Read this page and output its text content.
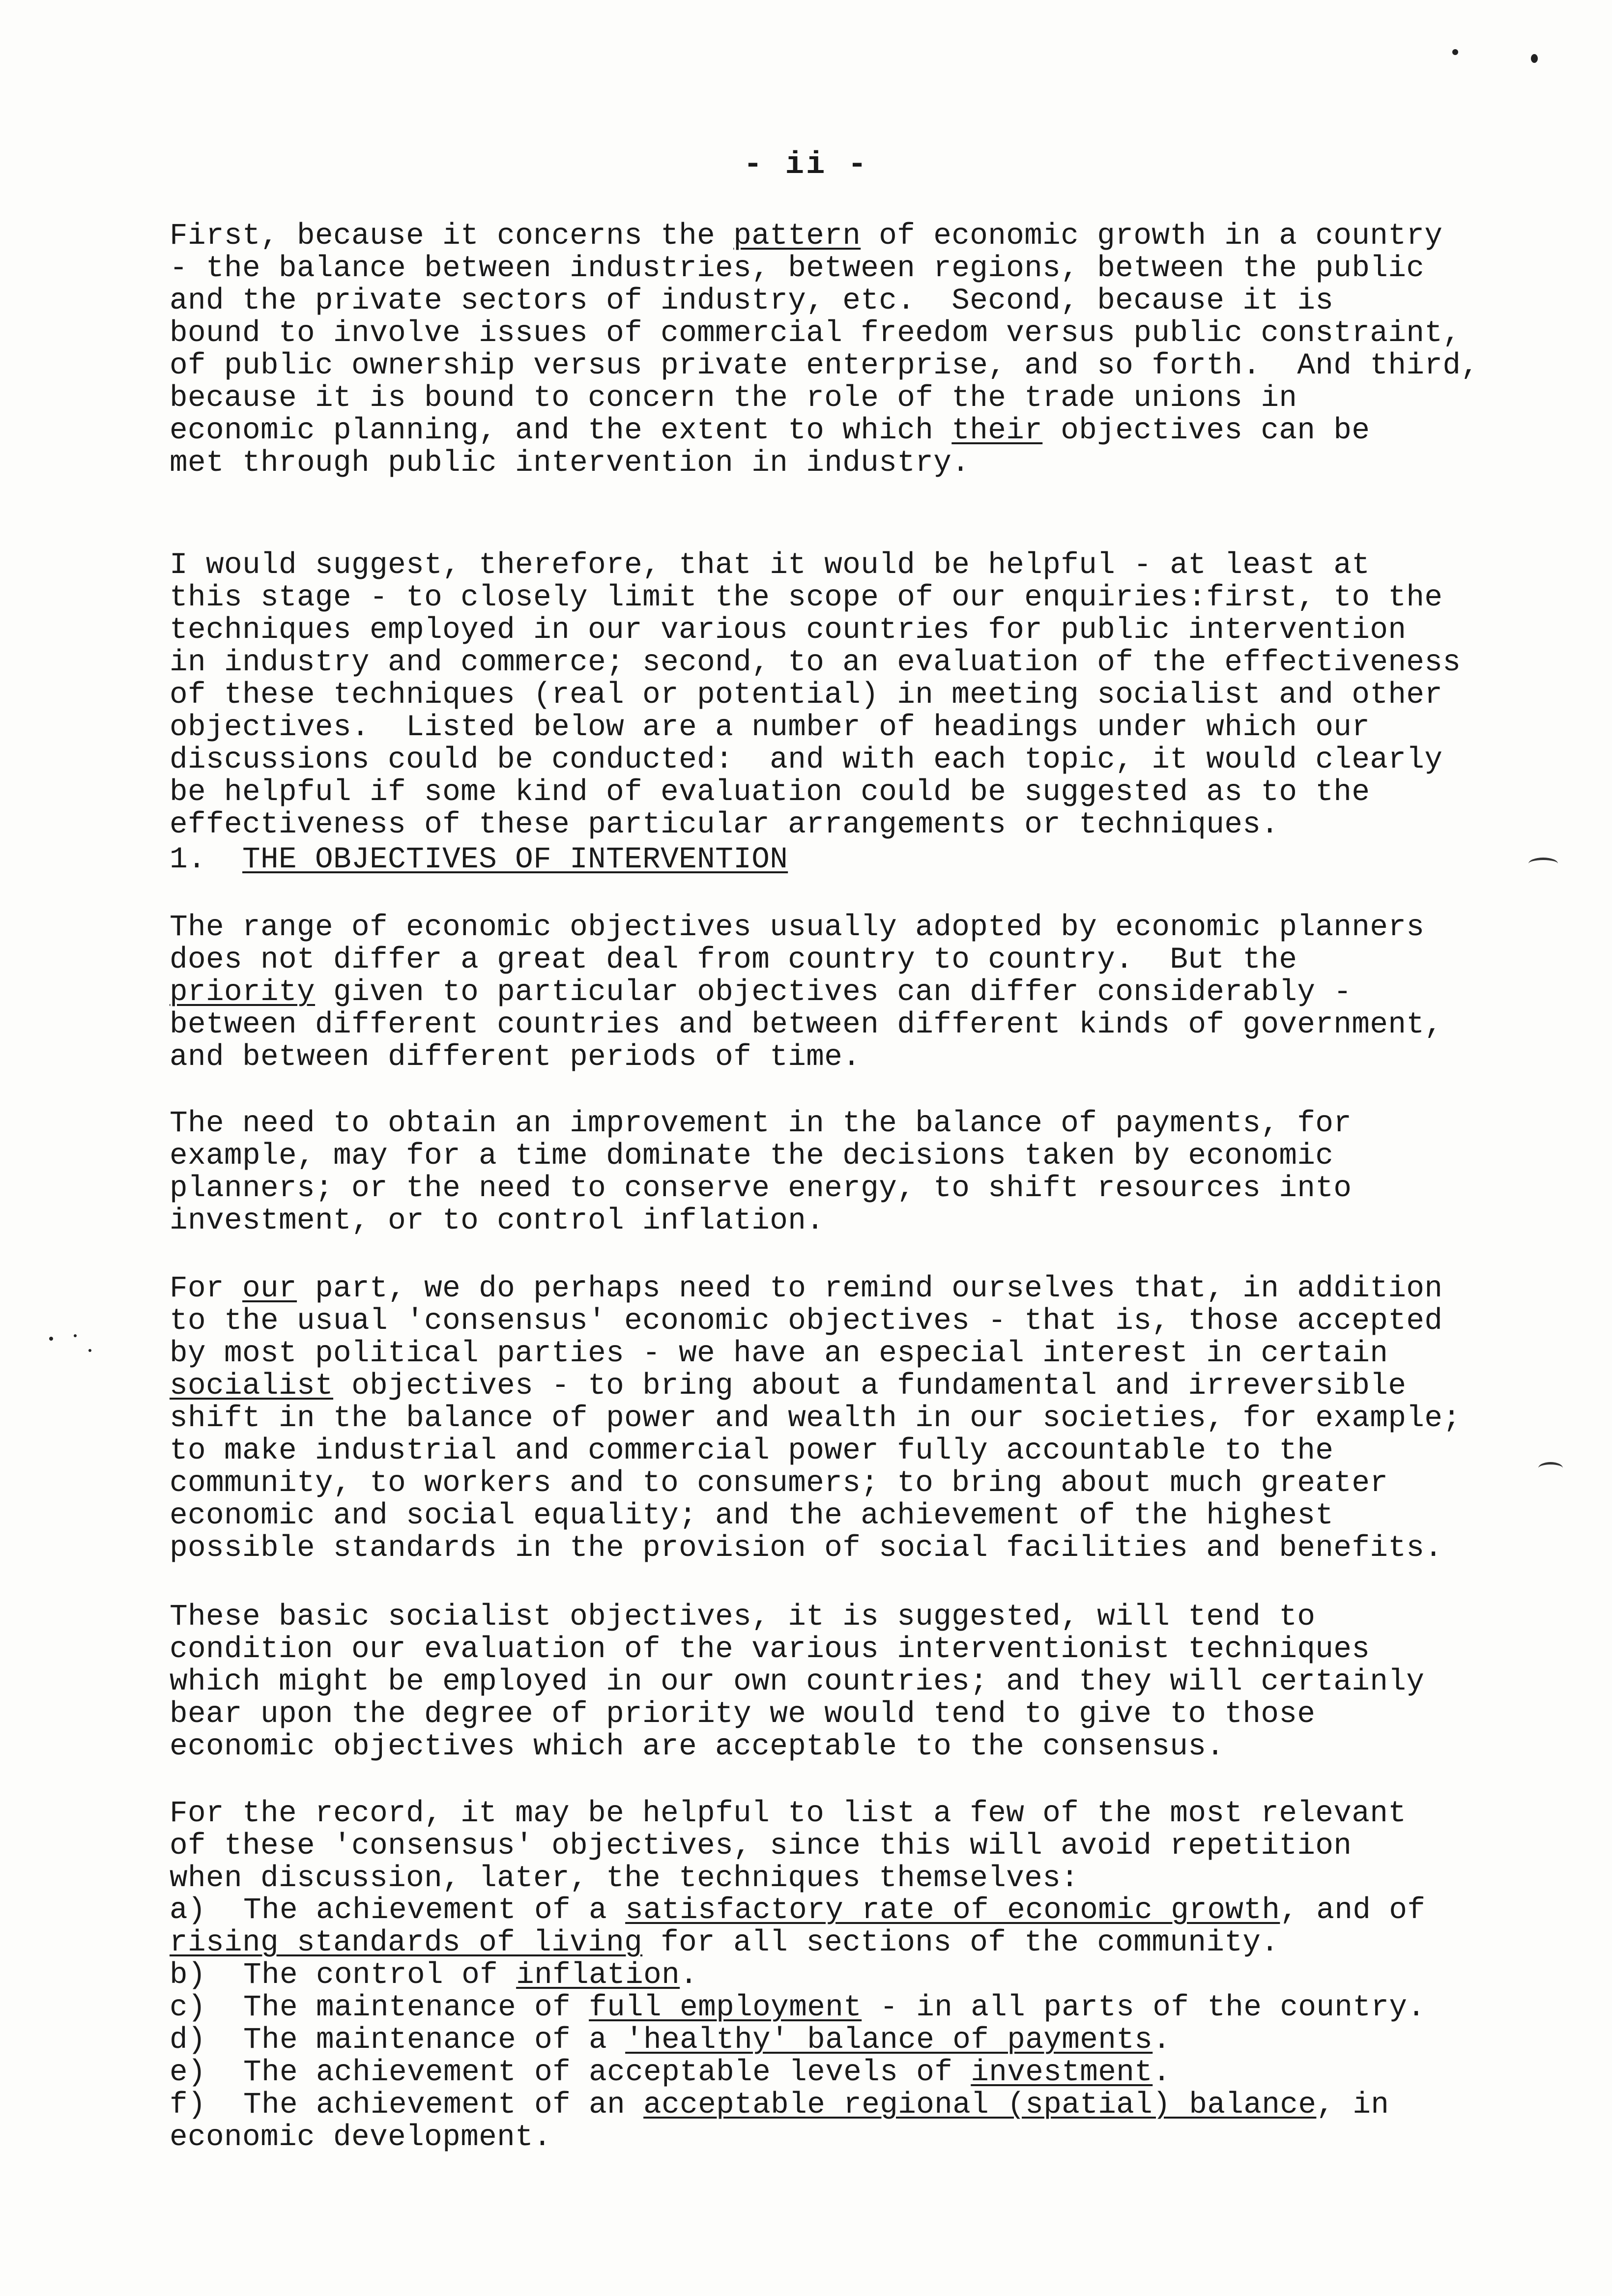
- ii -
First, because it concerns the pattern of economic growth in a country
- the balance between industries, between regions, between the public
and the private sectors of industry, etc.  Second, because it is
bound to involve issues of commercial freedom versus public constraint,
of public ownership versus private enterprise, and so forth.  And third,
because it is bound to concern the role of the trade unions in
economic planning, and the extent to which their objectives can be
met through public intervention in industry.
I would suggest, therefore, that it would be helpful - at least at
this stage - to closely limit the scope of our enquiries:first, to the
techniques employed in our various countries for public intervention
in industry and commerce; second, to an evaluation of the effectiveness
of these techniques (real or potential) in meeting socialist and other
objectives.  Listed below are a number of headings under which our
discussions could be conducted:  and with each topic, it would clearly
be helpful if some kind of evaluation could be suggested as to the
effectiveness of these particular arrangements or techniques.
1. THE OBJECTIVES OF INTERVENTION
The range of economic objectives usually adopted by economic planners
does not differ a great deal from country to country.  But the
priority given to particular objectives can differ considerably -
between different countries and between different kinds of government,
and between different periods of time.
The need to obtain an improvement in the balance of payments, for
example, may for a time dominate the decisions taken by economic
planners; or the need to conserve energy, to shift resources into
investment, or to control inflation.
For our part, we do perhaps need to remind ourselves that, in addition
to the usual 'consensus' economic objectives - that is, those accepted
by most political parties - we have an especial interest in certain
socialist objectives - to bring about a fundamental and irreversible
shift in the balance of power and wealth in our societies, for example;
to make industrial and commercial power fully accountable to the
community, to workers and to consumers; to bring about much greater
economic and social equality; and the achievement of the highest
possible standards in the provision of social facilities and benefits.
These basic socialist objectives, it is suggested, will tend to
condition our evaluation of the various interventionist techniques
which might be employed in our own countries; and they will certainly
bear upon the degree of priority we would tend to give to those
economic objectives which are acceptable to the consensus.
For the record, it may be helpful to list a few of the most relevant
of these 'consensus' objectives, since this will avoid repetition
when discussion, later, the techniques themselves:
a) The achievement of a satisfactory rate of economic growth, and of
rising standards of living for all sections of the community.
b) The control of inflation.
c) The maintenance of full employment - in all parts of the country.
d) The maintenance of a 'healthy' balance of payments.
e) The achievement of acceptable levels of investment.
f) The achievement of an acceptable regional (spatial) balance, in
economic development.
